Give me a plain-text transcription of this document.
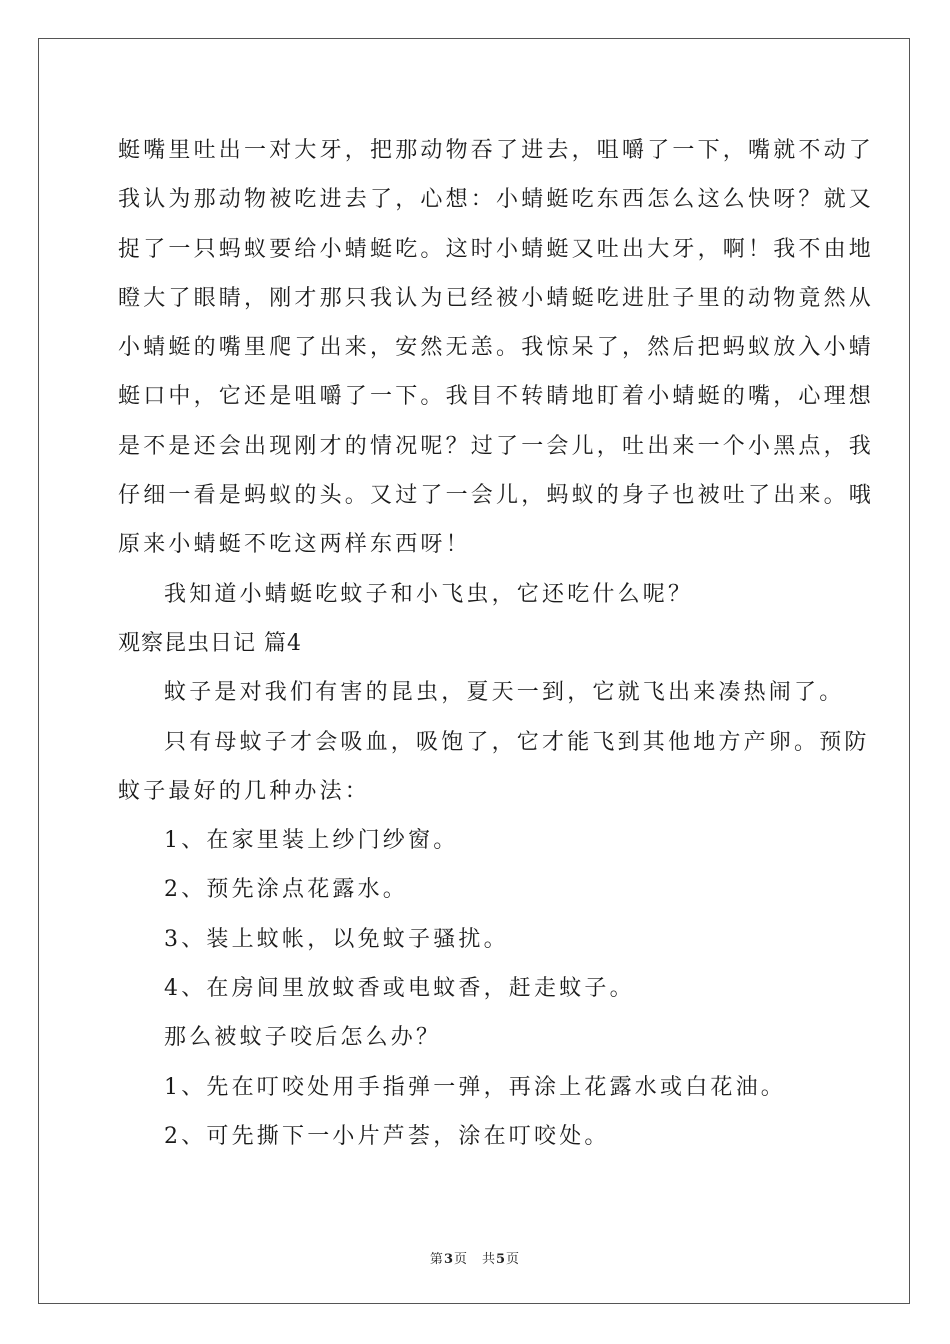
蜓嘴里吐出一对大牙，把那动物吞了进去，咀嚼了一下，嘴就不动了
我认为那动物被吃进去了，心想：小蜻蜓吃东西怎么这么快呀？就又
捉了一只蚂蚁要给小蜻蜓吃。这时小蜻蜓又吐出大牙，啊！我不由地
瞪大了眼睛，刚才那只我认为已经被小蜻蜓吃进肚子里的动物竟然从
小蜻蜓的嘴里爬了出来，安然无恙。我惊呆了，然后把蚂蚁放入小蜻
蜓口中，它还是咀嚼了一下。我目不转睛地盯着小蜻蜓的嘴，心理想
是不是还会出现刚才的情况呢？过了一会儿，吐出来一个小黑点，我
仔细一看是蚂蚁的头。又过了一会儿，蚂蚁的身子也被吐了出来。哦
原来小蜻蜓不吃这两样东西呀！
我知道小蜻蜓吃蚊子和小飞虫，它还吃什么呢？
观察昆虫日记 篇4
蚊子是对我们有害的昆虫，夏天一到，它就飞出来凑热闹了。
只有母蚊子才会吸血，吸饱了，它才能飞到其他地方产卵。预防
蚊子最好的几种办法：
1、在家里装上纱门纱窗。
2、预先涂点花露水。
3、装上蚊帐，以免蚊子骚扰。
4、在房间里放蚊香或电蚊香，赶走蚊子。
那么被蚊子咬后怎么办？
1、先在叮咬处用手指弹一弹，再涂上花露水或白花油。
2、可先撕下一小片芦荟，涂在叮咬处。
第3页　共5页
